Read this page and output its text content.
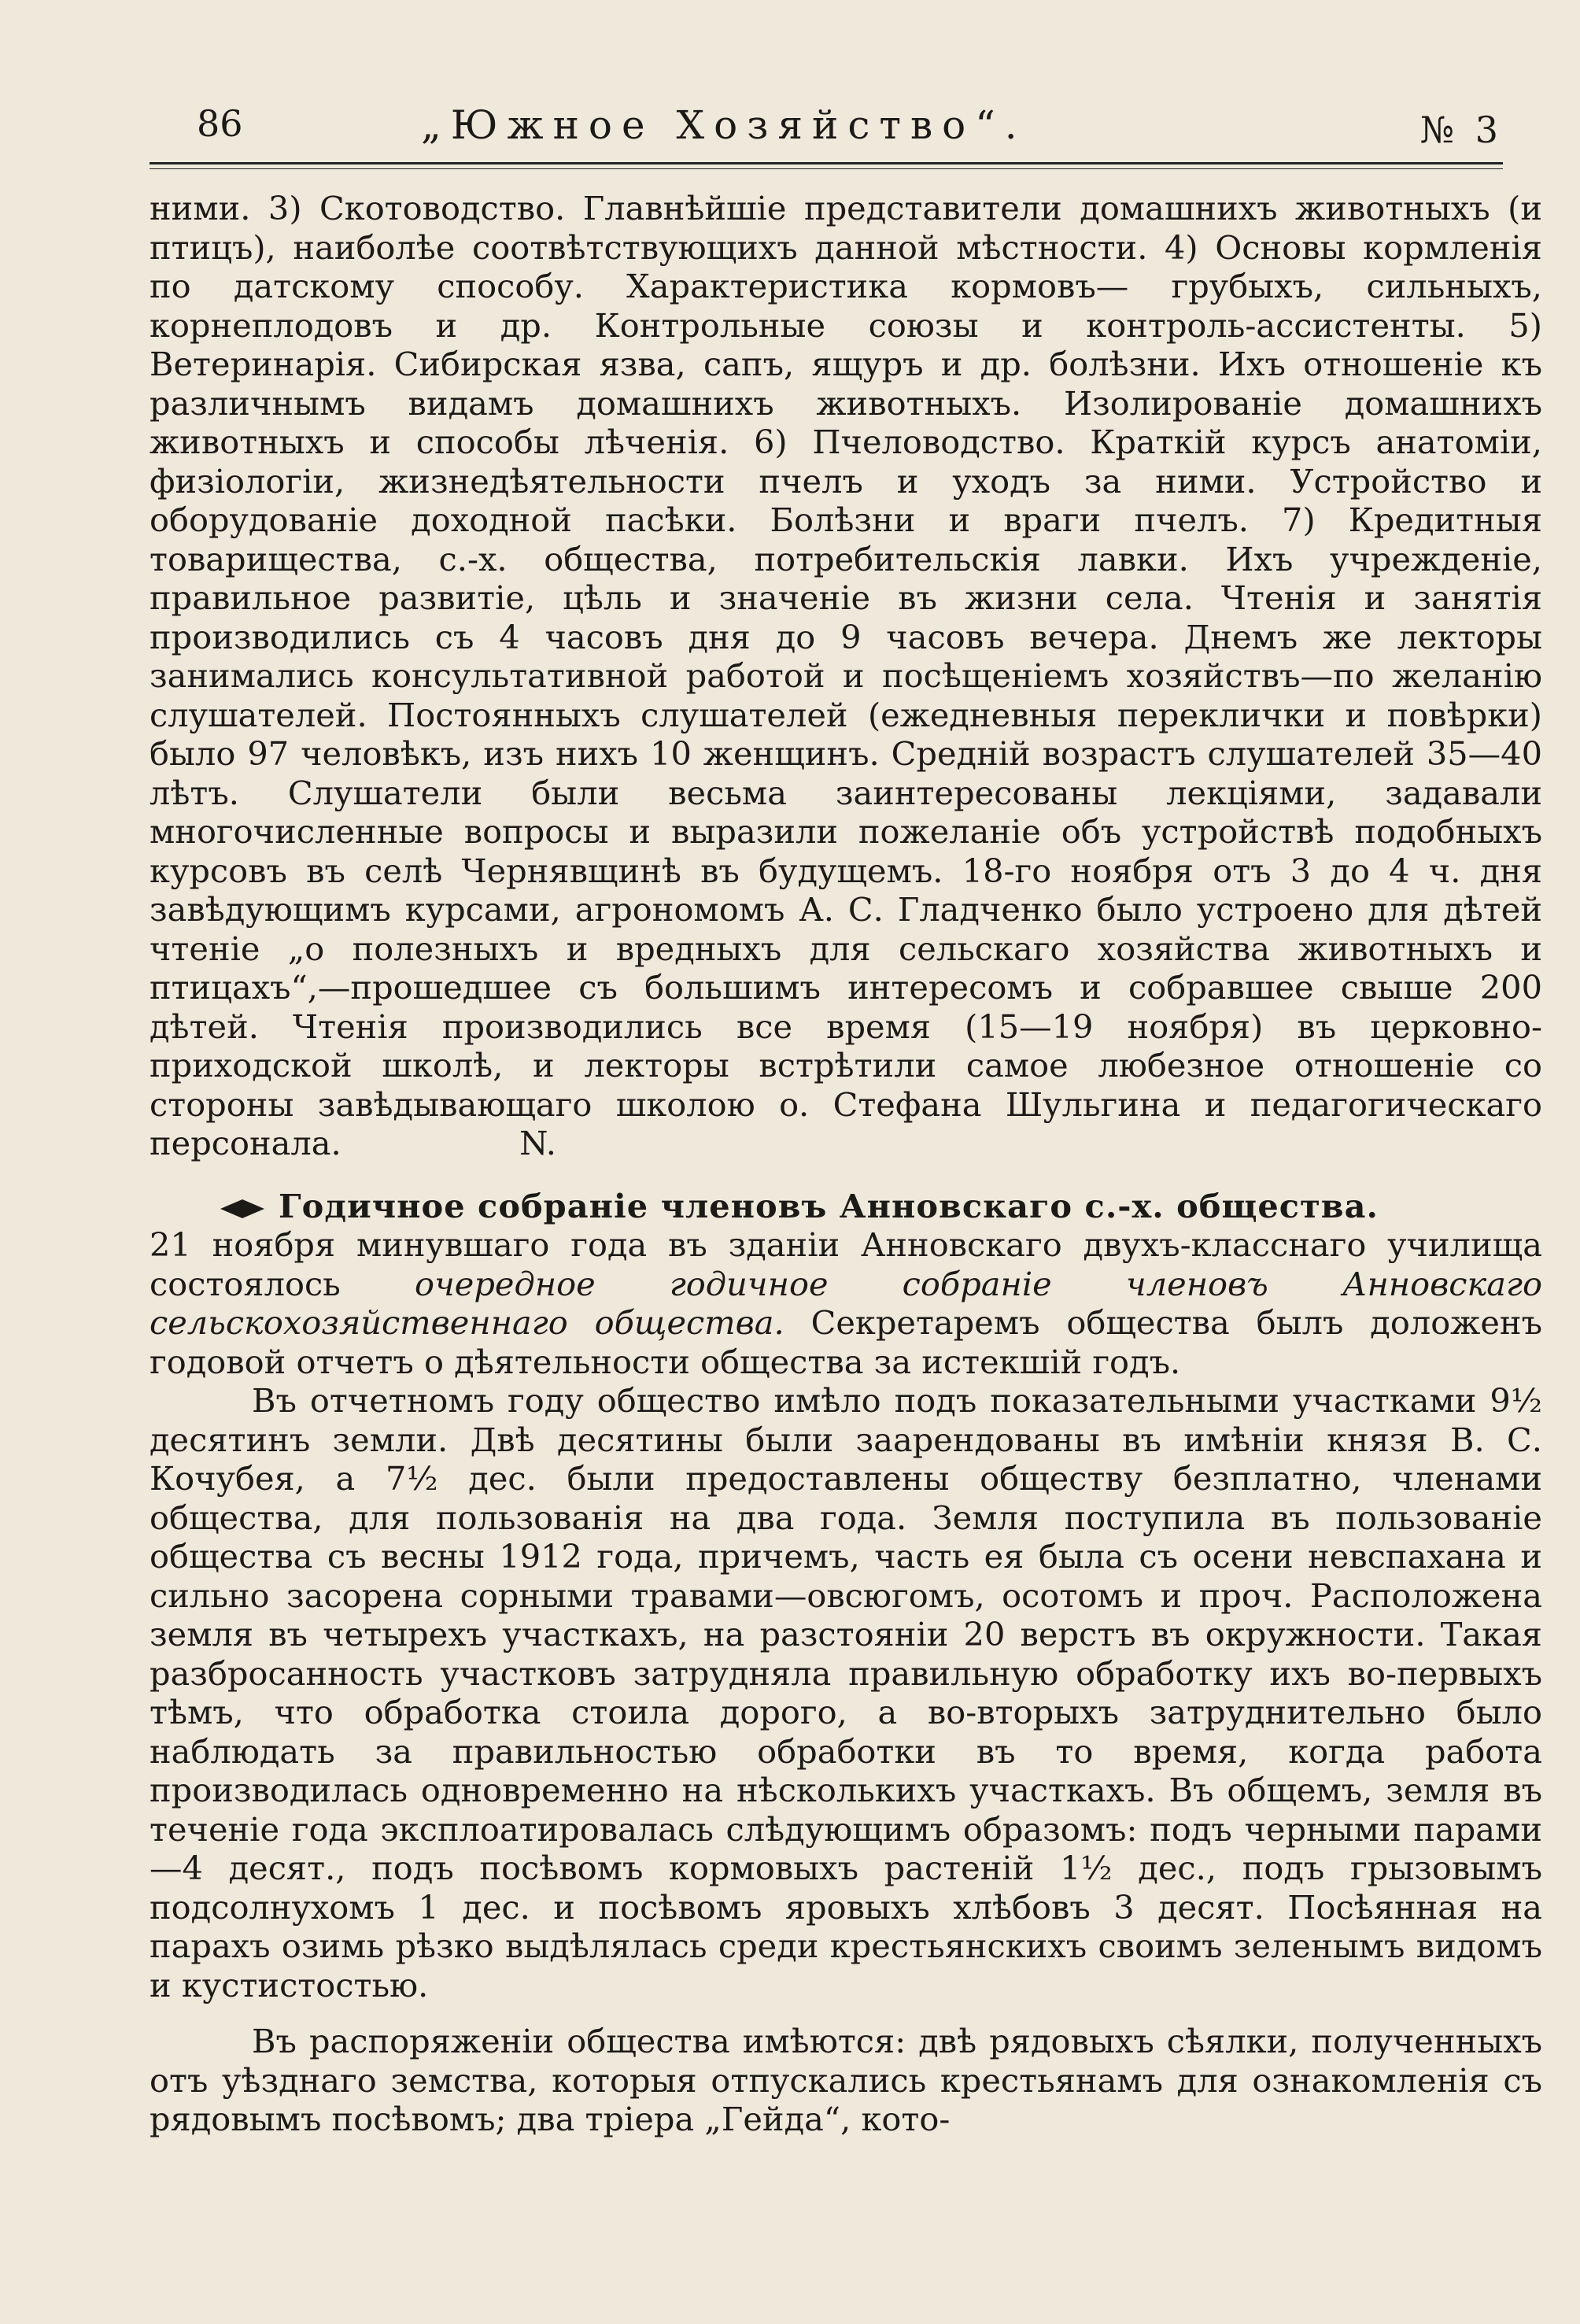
86	„Южное Хозяйство“.	№ 3

ними. 3) Скотоводство. Главнѣйшіе представители домашнихъ животныхъ (и птицъ), наиболѣе соотвѣтствующихъ данной мѣстности. 4) Основы кормленія по датскому способу. Характеристика кормовъ— грубыхъ, сильныхъ, корнеплодовъ и др. Контрольные союзы и контроль-ассистенты. 5) Ветеринарія. Сибирская язва, сапъ, ящуръ и др. болѣзни. Ихъ отношеніе къ различнымъ видамъ домашнихъ животныхъ. Изолированіе домашнихъ животныхъ и способы лѣченія. 6) Пчеловодство. Краткій курсъ анатоміи, физіологіи, жизнедѣятельности пчелъ и уходъ за ними. Устройство и оборудованіе доходной пасѣки. Болѣзни и враги пчелъ. 7) Кредитныя товарищества, с.-х. общества, потребительскія лавки. Ихъ учрежденіе, правильное развитіе, цѣль и значеніе въ жизни села. Чтенія и занятія производились съ 4 часовъ дня до 9 часовъ вечера. Днемъ же лекторы занимались консультативной работой и посѣщеніемъ хозяйствъ—по желанію слушателей. Постоянныхъ слушателей (ежедневныя переклички и повѣрки) было 97 человѣкъ, изъ нихъ 10 женщинъ. Средній возрастъ слушателей 35—40 лѣтъ. Слушатели были весьма заинтересованы лекціями, задавали многочисленные вопросы и выразили пожеланіе объ устройствѣ подобныхъ курсовъ въ селѣ Чернявщинѣ въ будущемъ. 18-го ноября отъ 3 до 4 ч. дня завѣдующимъ курсами, агрономомъ А. С. Гладченко было устроено для дѣтей чтеніе „о полезныхъ и вредныхъ для сельскаго хозяйства животныхъ и птицахъ“,—прошедшее съ большимъ интересомъ и собравшее свыше 200 дѣтей. Чтенія производились все время (15—19 ноября) въ церковно-приходской школѣ, и лекторы встрѣтили самое любезное отношеніе со стороны завѣдывающаго школою о. Стефана Шульгина и педагогическаго персонала.	N.

Годичное собраніе членовъ Анновскаго с.-х. общества.

21 ноября минувшаго года въ зданіи Анновскаго двухъ-класснаго училища состоялось очередное годичное собраніе членовъ Анновскаго сельскохозяйственнаго общества. Секретаремъ общества былъ доложенъ годовой отчетъ о дѣятельности общества за истекшій годъ.

Въ отчетномъ году общество имѣло подъ показательными участками 9½ десятинъ земли. Двѣ десятины были заарендованы въ имѣніи князя В. С. Кочубея, а 7½ дес. были предоставлены обществу безплатно, членами общества, для пользованія на два года. Земля поступила въ пользованіе общества съ весны 1912 года, причемъ, часть ея была съ осени невспахана и сильно засорена сорными травами—овсюгомъ, осотомъ и проч. Расположена земля въ четырехъ участкахъ, на разстояніи 20 верстъ въ окружности. Такая разбросанность участковъ затрудняла правильную обработку ихъ во-первыхъ тѣмъ, что обработка стоила дорого, а во-вторыхъ затруднительно было наблюдать за правильностью обработки въ то время, когда работа производилась одновременно на нѣсколькихъ участкахъ. Въ общемъ, земля въ теченіе года эксплоатировалась слѣдующимъ образомъ: подъ черными парами—4 десят., подъ посѣвомъ кормовыхъ растеній 1½ дес., подъ грызовымъ подсолнухомъ 1 дес. и посѣвомъ яровыхъ хлѣбовъ 3 десят. Посѣянная на парахъ озимь рѣзко выдѣлялась среди крестьянскихъ своимъ зеленымъ видомъ и кустистостью.

Въ распоряженіи общества имѣются: двѣ рядовыхъ сѣялки, полученныхъ отъ уѣзднаго земства, которыя отпускались крестьянамъ для ознакомленія съ рядовымъ посѣвомъ; два тріера „Гейда“, кото-
